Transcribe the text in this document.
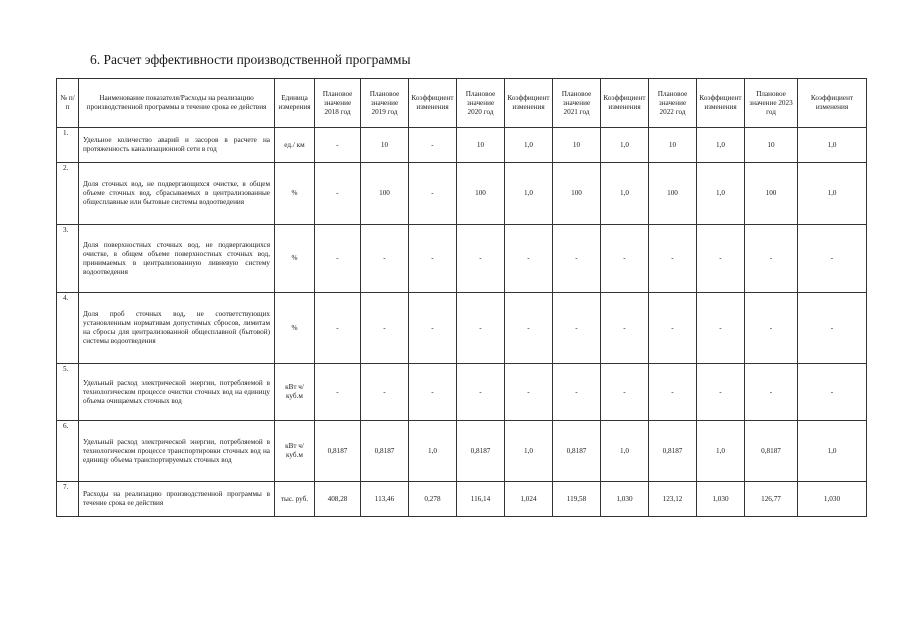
6. Расчет эффективности производственной программы
№ п/п	Наименование показателя/Расходы на реализацию производственной программы в течение срока ее действия	Единица измерения	Плановое значение 2018 год	Плановое значение 2019 год	Коэффициент изменения	Плановое значение 2020 год	Коэффициент изменения	Плановое значение 2021 год	Коэффициент изменения	Плановое значение 2022 год	Коэффициент изменения	Плановое значение 2023 год	Коэффициент изменения
1.	Удельное количество аварий и засоров в расчете на протяженность канализационной сети в год	ед./ км	-	10	-	10	1,0	10	1,0	10	1,0	10	1,0
2.	Доля сточных вод, не подвергающихся очистке, в общем объеме сточных вод, сбрасываемых в централизованные общесплавные или бытовые системы водоотведения	%	-	100	-	100	1,0	100	1,0	100	1,0	100	1,0
3.	Доля поверхностных сточных вод, не подвергающихся очистке, в общем объеме поверхностных сточных вод, принимаемых в централизованную ливневую систему водоотведения	%	-	-	-	-	-	-	-	-	-	-	-
4.	Доля проб сточных вод, не соответствующих установленным нормативам допустимых сбросов, лимитам на сбросы для централизованной общесплавной (бытовой) системы водоотведения	%	-	-	-	-	-	-	-	-	-	-	-
5.	Удельный расход электрической энергии, потребляемой в технологическом процессе очистки сточных вод на единицу объема очищаемых сточных вод	кВт ч/куб.м	-	-	-	-	-	-	-	-	-	-	-
6.	Удельный расход электрической энергии, потребляемой в технологическом процессе транспортировки сточных вод на единицу объема транспортируемых сточных вод	кВт ч/куб.м	0,8187	0,8187	1,0	0,8187	1,0	0,8187	1,0	0,8187	1,0	0,8187	1,0
7.	Расходы на реализацию производственной программы в течение срока ее действия	тыс. руб.	408,28	113,46	0,278	116,14	1,024	119,58	1,030	123,12	1,030	126,77	1,030
